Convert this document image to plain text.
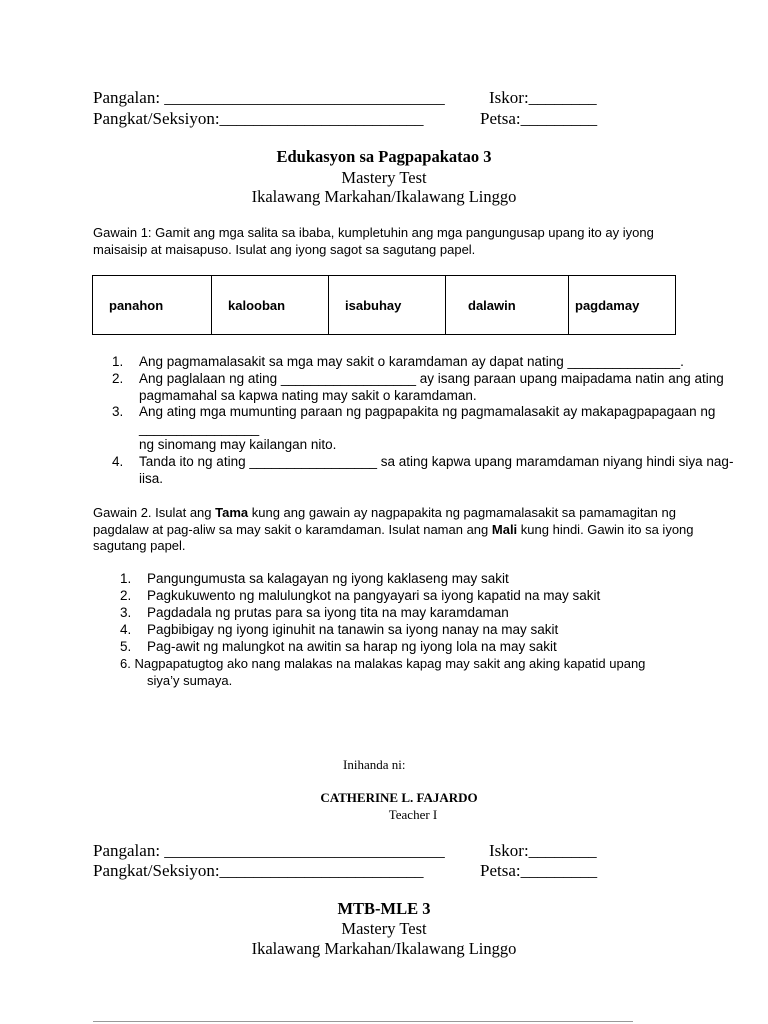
Pangalan: _________________________________	Iskor:________
Pangkat/Seksiyon:________________________	Petsa:_________
Edukasyon sa Pagpapakatao 3
Mastery Test
Ikalawang Markahan/Ikalawang Linggo
Gawain 1: Gamit ang mga salita sa ibaba, kumpletuhin ang mga pangungusap upang ito ay iyong maisaisip at maisapuso. Isulat ang iyong sagot sa sagutang papel.
panahon	kalooban	isabuhay	dalawin	pagdamay
1. Ang pagmamalasakit sa mga may sakit o karamdaman ay dapat nating _______________.
2. Ang paglalaan ng ating __________________ ay isang paraan upang maipadama natin ang ating pagmamahal sa kapwa nating may sakit o karamdaman.
3. Ang ating mga mumunting paraan ng pagpapakita ng pagmamalasakit ay makapagpapagaan ng ________________
ng sinomang may kailangan nito.
4. Tanda ito ng ating _________________ sa ating kapwa upang maramdaman niyang hindi siya nag-iisa.
Gawain 2. Isulat ang Tama kung ang gawain ay nagpapakita ng pagmamalasakit sa pamamagitan ng pagdalaw at pag-aliw sa may sakit o karamdaman. Isulat naman ang Mali kung hindi. Gawin ito sa iyong sagutang papel.
1. Pangungumusta sa kalagayan ng iyong kaklaseng may sakit
2. Pagkukuwento ng malulungkot na pangyayari sa iyong kapatid na may sakit
3. Pagdadala ng prutas para sa iyong tita na may karamdaman
4. Pagbibigay ng iyong iginuhit na tanawin sa iyong nanay na may sakit
5. Pag-awit ng malungkot na awitin sa harap ng iyong lola na may sakit
6. Nagpapatugtog ako nang malakas na malakas kapag may sakit ang aking kapatid upang
siya’y sumaya.
Inihanda ni:
CATHERINE L. FAJARDO
Teacher I
Pangalan: _________________________________	Iskor:________
Pangkat/Seksiyon:________________________	Petsa:_________
MTB-MLE 3
Mastery Test
Ikalawang Markahan/Ikalawang Linggo
